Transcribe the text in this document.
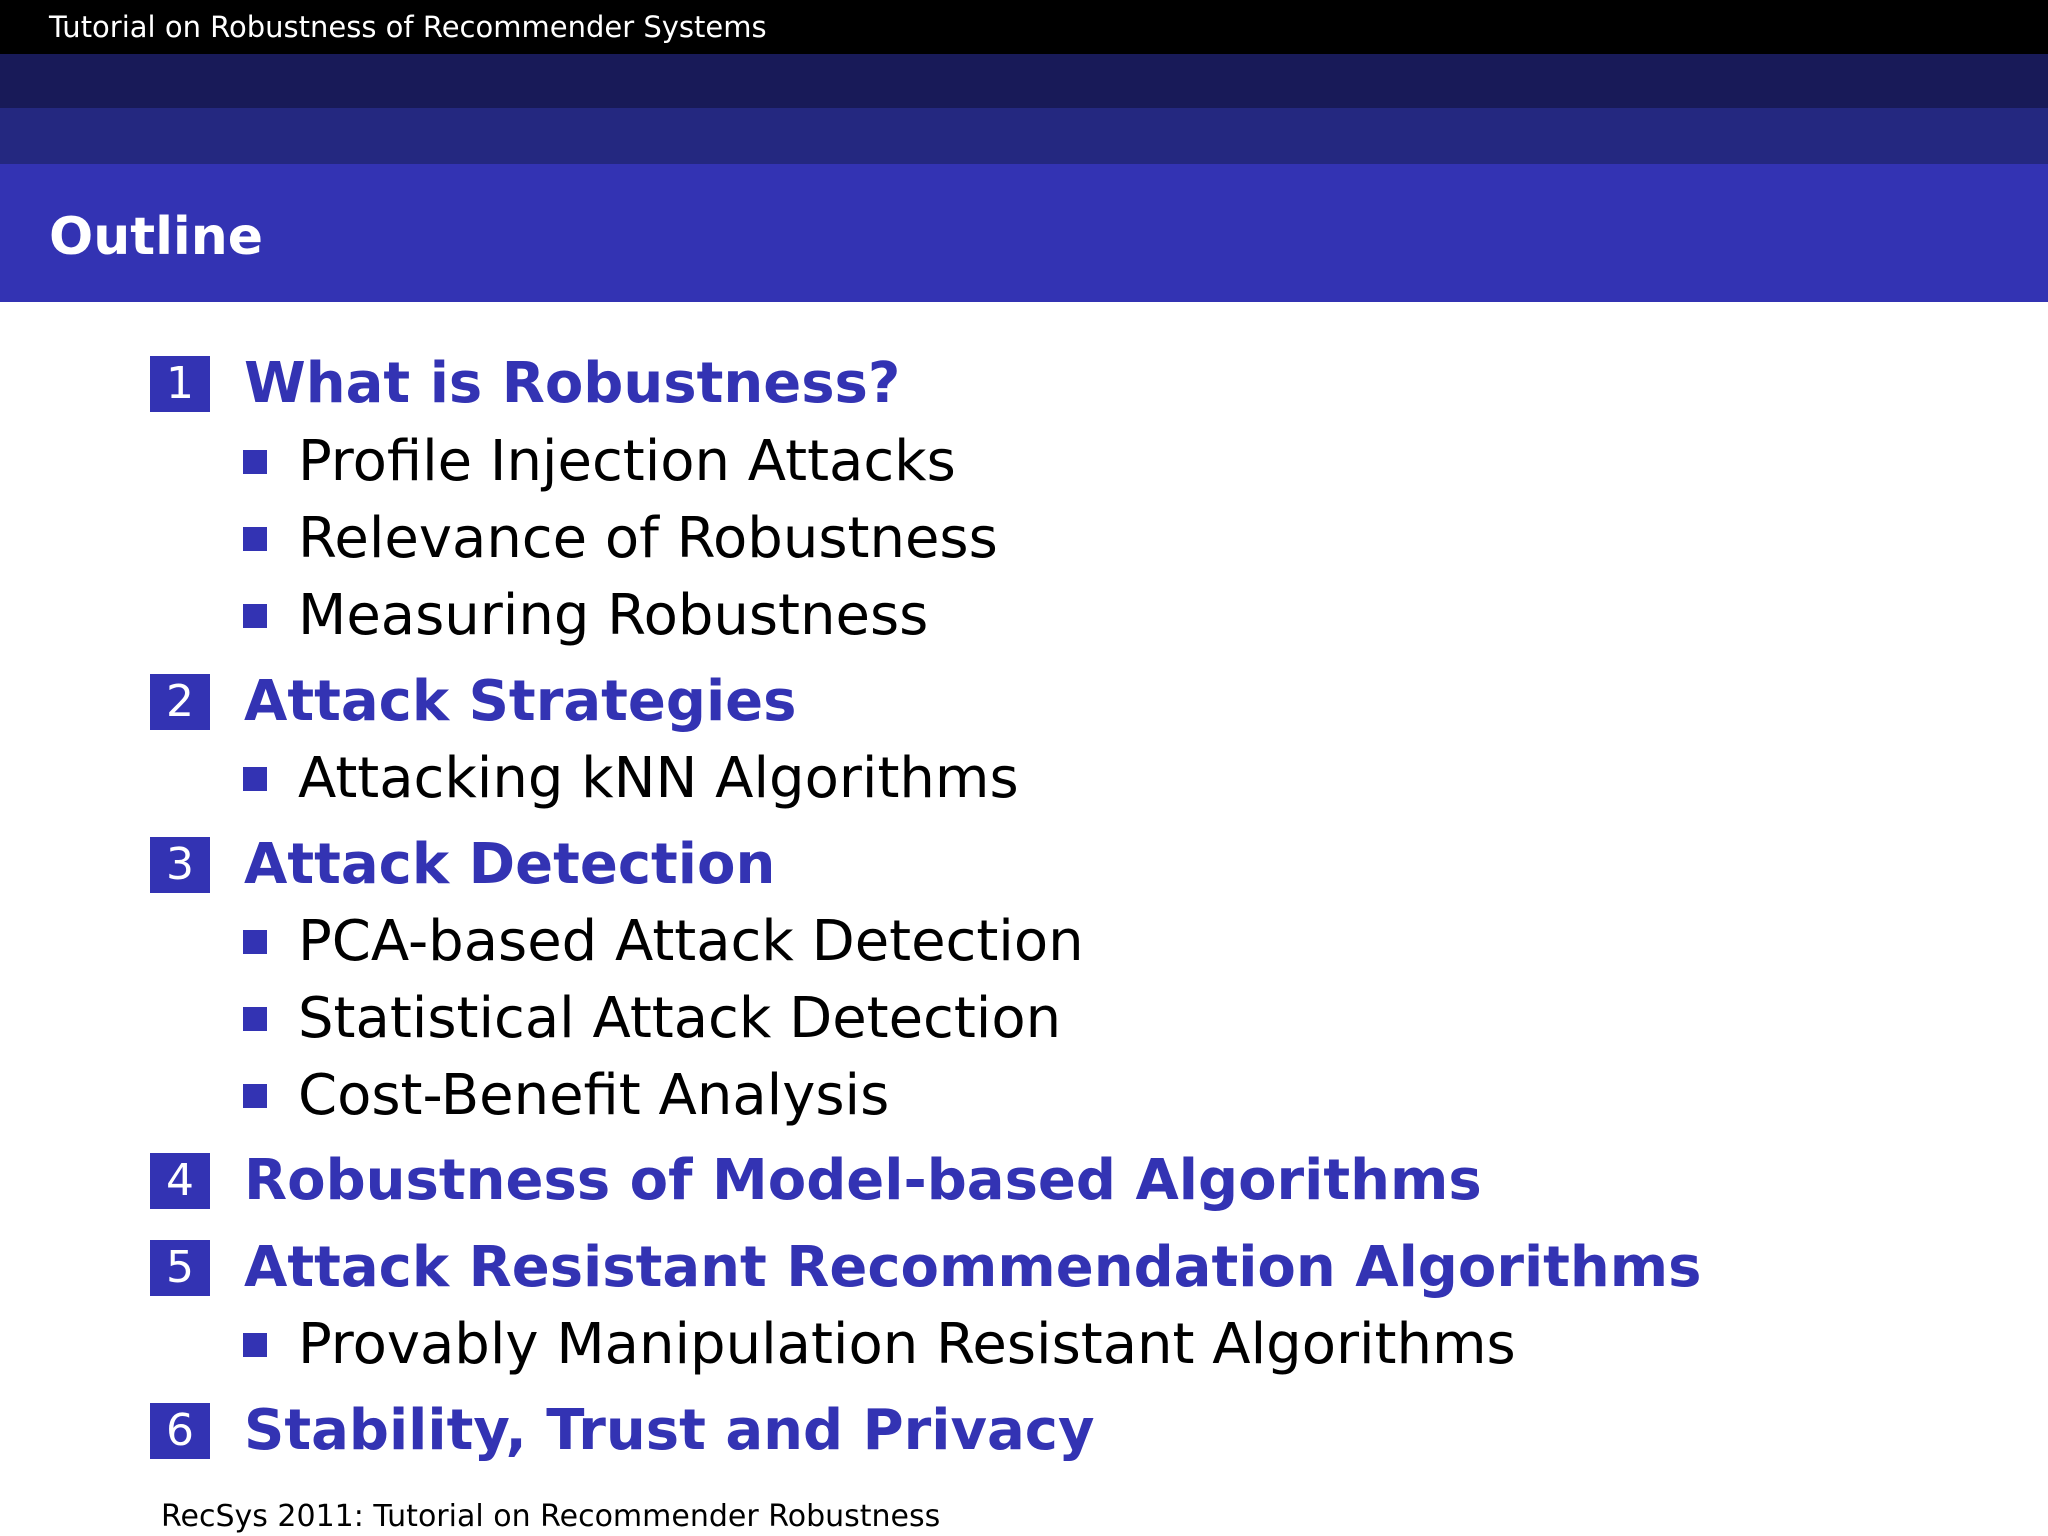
Tutorial on Robustness of Recommender Systems
Outline
1 What is Robustness?
Profile Injection Attacks
Relevance of Robustness
Measuring Robustness
2 Attack Strategies
Attacking kNN Algorithms
3 Attack Detection
PCA-based Attack Detection
Statistical Attack Detection
Cost-Benefit Analysis
4 Robustness of Model-based Algorithms
5 Attack Resistant Recommendation Algorithms
Provably Manipulation Resistant Algorithms
6 Stability, Trust and Privacy
RecSys 2011: Tutorial on Recommender Robustness
